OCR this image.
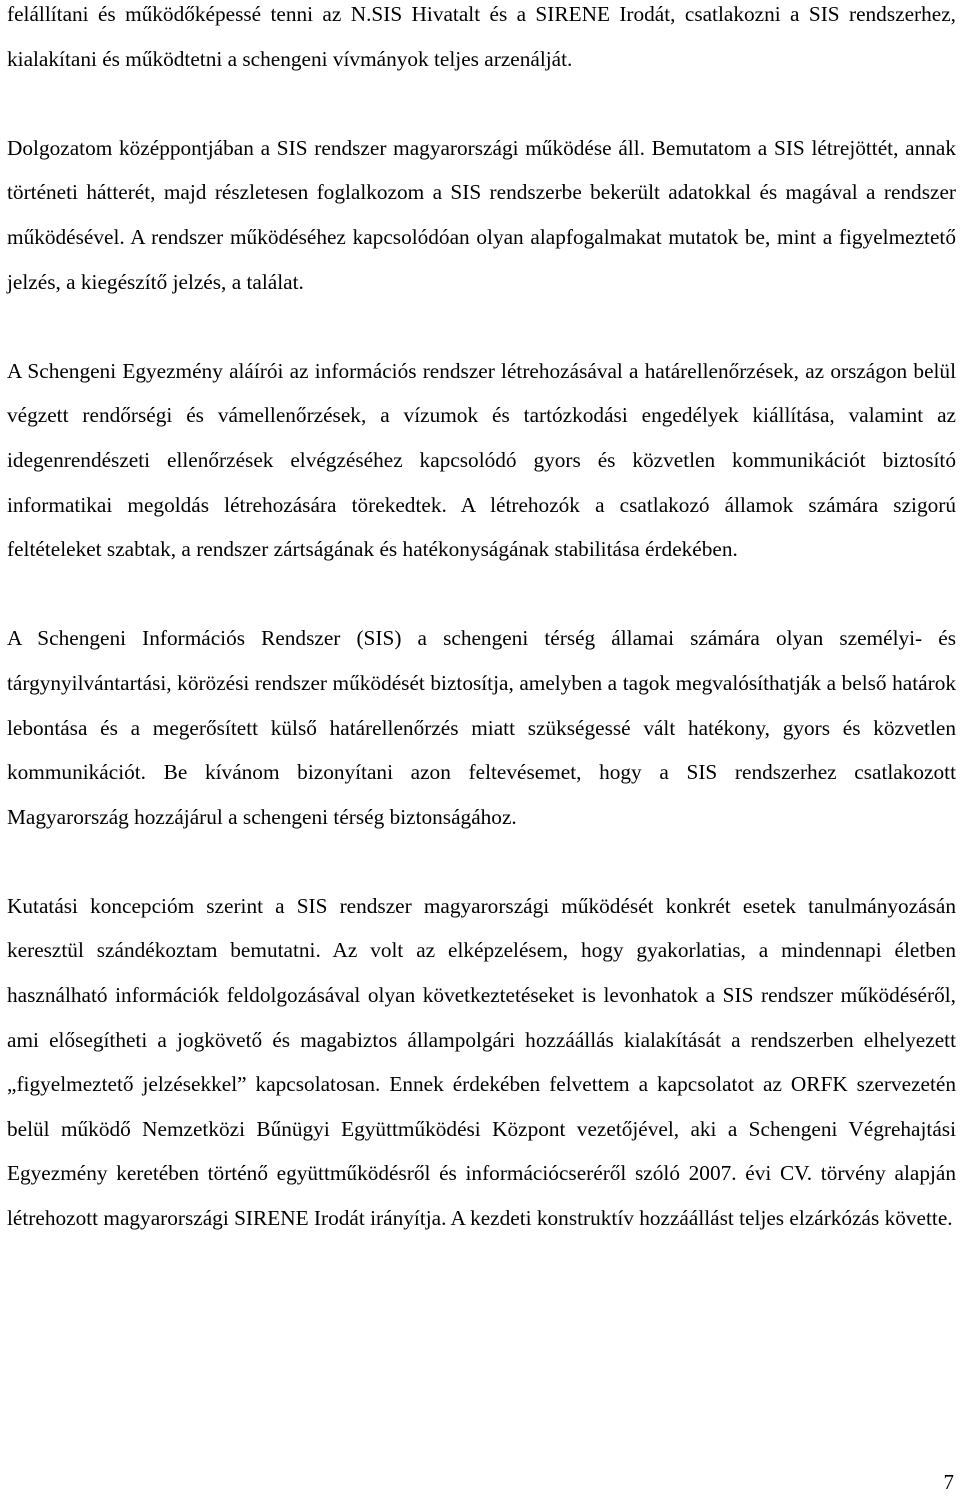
felállítani és működőképessé tenni az N.SIS Hivatalt és a SIRENE Irodát, csatlakozni a SIS rendszerhez, kialakítani és működtetni a schengeni vívmányok teljes arzenálját.

Dolgozatom középpontjában a SIS rendszer magyarországi működése áll. Bemutatom a SIS létrejöttét, annak történeti hátterét, majd részletesen foglalkozom a SIS rendszerbe bekerült adatokkal és magával a rendszer működésével. A rendszer működéséhez kapcsolódóan olyan alapfogalmakat mutatok be, mint a figyelmeztető jelzés, a kiegészítő jelzés, a találat.

A Schengeni Egyezmény aláírói az információs rendszer létrehozásával a határellenőrzések, az országon belül végzett rendőrségi és vámellenőrzések, a vízumok és tartózkodási engedélyek kiállítása, valamint az idegenrendészeti ellenőrzések elvégzéséhez kapcsolódó gyors és közvetlen kommunikációt biztosító informatikai megoldás létrehozására törekedtek. A létrehozók a csatlakozó államok számára szigorú feltételeket szabtak, a rendszer zártságának és hatékonyságának stabilitása érdekében.

A Schengeni Információs Rendszer (SIS) a schengeni térség államai számára olyan személyi- és tárgynyilvántartási, körözési rendszer működését biztosítja, amelyben a tagok megvalósíthatják a belső határok lebontása és a megerősített külső határellenőrzés miatt szükségessé vált hatékony, gyors és közvetlen kommunikációt. Be kívánom bizonyítani azon feltevésemet, hogy a SIS rendszerhez csatlakozott Magyarország hozzájárul a schengeni térség biztonságához.

Kutatási koncepcióm szerint a SIS rendszer magyarországi működését konkrét esetek tanulmányozásán keresztül szándékoztam bemutatni. Az volt az elképzelésem, hogy gyakorlatias, a mindennapi életben használható információk feldolgozásával olyan következtetéseket is levonhatok a SIS rendszer működéséről, ami elősegítheti a jogkövető és magabiztos állampolgári hozzáállás kialakítását a rendszerben elhelyezett „figyelmeztető jelzésekkel” kapcsolatosan. Ennek érdekében felvettem a kapcsolatot az ORFK szervezetén belül működő Nemzetközi Bűnügyi Együttműködési Központ vezetőjével, aki a Schengeni Végrehajtási Egyezmény keretében történő együttműködésről és információcseréről szóló 2007. évi CV. törvény alapján létrehozott magyarországi SIRENE Irodát irányítja. A kezdeti konstruktív hozzáállást teljes elzárkózás követte.

7
